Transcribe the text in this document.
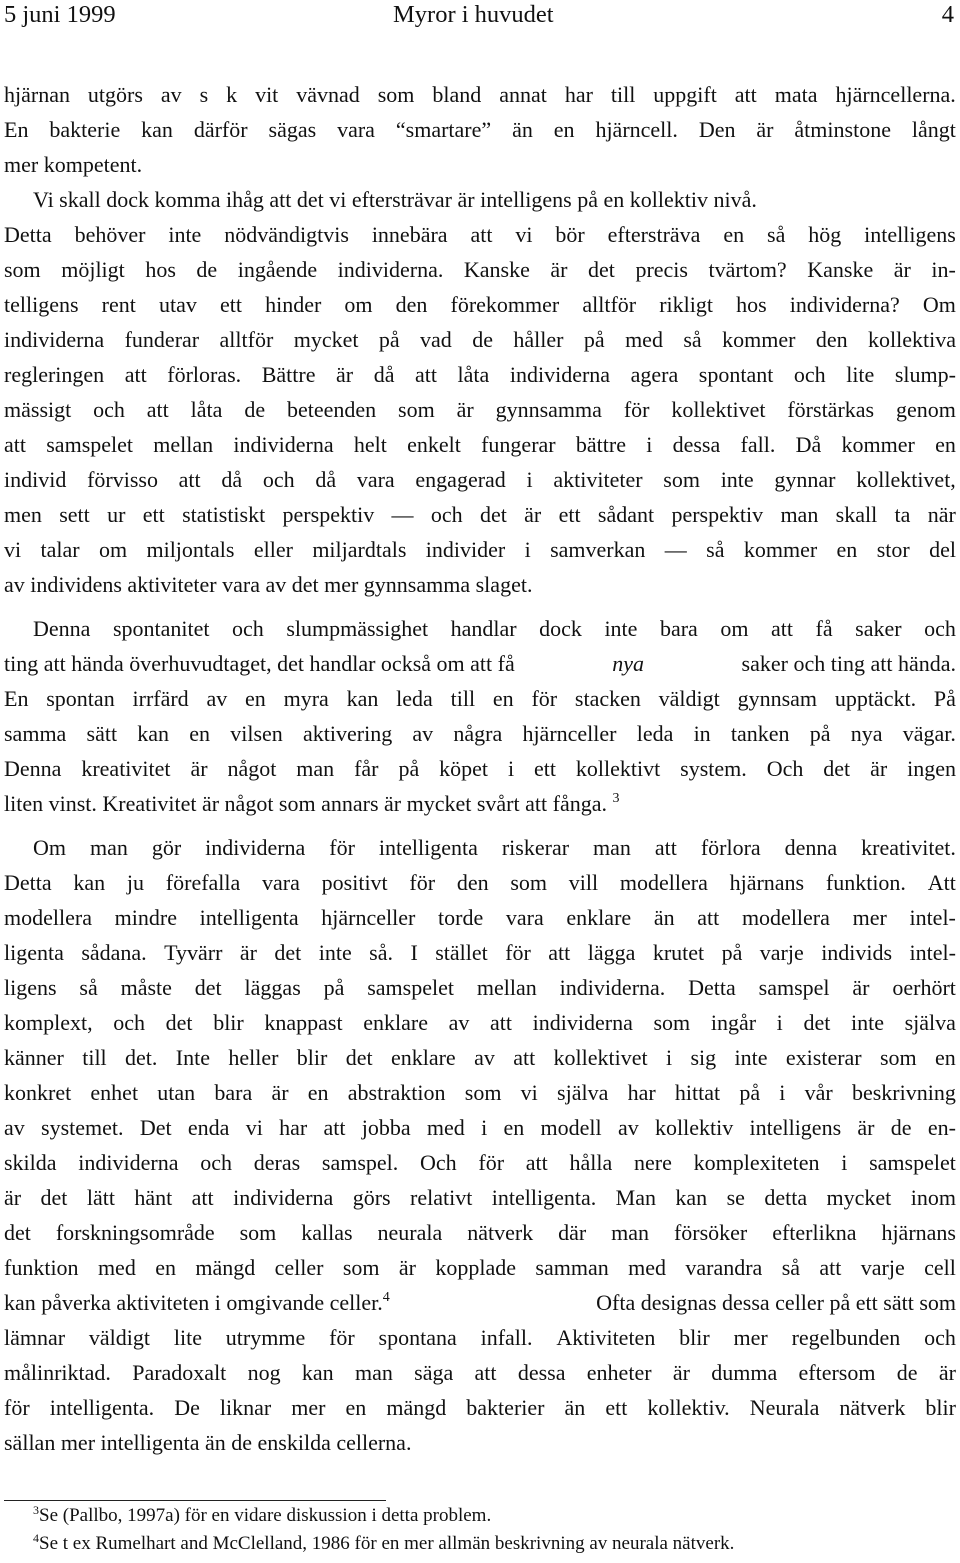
5 juni 1999	Myror i huvudet	4
hjärnan utgörs av s k vit vävnad som bland annat har till uppgift att mata hjärncellerna.
En bakterie kan därför sägas vara “smartare” än en hjärncell. Den är åtminstone långt
mer kompetent.
Vi skall dock komma ihåg att det vi eftersträvar är intelligens på en kollektiv nivå.
Detta behöver inte nödvändigtvis innebära att vi bör eftersträva en så hög intelligens
som möjligt hos de ingående individerna. Kanske är det precis tvärtom? Kanske är in-
telligens rent utav ett hinder om den förekommer alltför rikligt hos individerna? Om
individerna funderar alltför mycket på vad de håller på med så kommer den kollektiva
regleringen att förloras. Bättre är då att låta individerna agera spontant och lite slump-
mässigt och att låta de beteenden som är gynnsamma för kollektivet förstärkas genom
att samspelet mellan individerna helt enkelt fungerar bättre i dessa fall. Då kommer en
individ förvisso att då och då vara engagerad i aktiviteter som inte gynnar kollektivet,
men sett ur ett statistiskt perspektiv — och det är ett sådant perspektiv man skall ta när
vi talar om miljontals eller miljardtals individer i samverkan — så kommer en stor del
av individens aktiviteter vara av det mer gynnsamma slaget.
Denna spontanitet och slumpmässighet handlar dock inte bara om att få saker och
ting att hända överhuvudtaget, det handlar också om att få	nya	saker och ting att hända.
En spontan irrfärd av en myra kan leda till en för stacken väldigt gynnsam upptäckt. På
samma sätt kan en vilsen aktivering av några hjärnceller leda in tanken på nya vägar.
Denna kreativitet är något man får på köpet i ett kollektivt system. Och det är ingen
liten vinst. Kreativitet är något som annars är mycket svårt att fånga. $^3$
Om man gör individerna för intelligenta riskerar man att förlora denna kreativitet.
Detta kan ju förefalla vara positivt för den som vill modellera hjärnans funktion. Att
modellera mindre intelligenta hjärnceller torde vara enklare än att modellera mer intel-
ligenta sådana. Tyvärr är det inte så. I stället för att lägga krutet på varje individs intel-
ligens så måste det läggas på samspelet mellan individerna. Detta samspel är oerhört
komplext, och det blir knappast enklare av att individerna som ingår i det inte själva
känner till det. Inte heller blir det enklare av att kollektivet i sig inte existerar som en
konkret enhet utan bara är en abstraktion som vi själva har hittat på i vår beskrivning
av systemet. Det enda vi har att jobba med i en modell av kollektiv intelligens är de en-
skilda individerna och deras samspel. Och för att hålla nere komplexiteten i samspelet
är det lätt hänt att individerna görs relativt intelligenta. Man kan se detta mycket inom
det forskningsområde som kallas neurala nätverk där man försöker efterlikna hjärnans
funktion med en mängd celler som är kopplade samman med varandra så att varje cell
kan påverka aktiviteten i omgivande celler.$^4$	Ofta designas dessa celler på ett sätt som
lämnar väldigt lite utrymme för spontana infall. Aktiviteten blir mer regelbunden och
målinriktad. Paradoxalt nog kan man säga att dessa enheter är dumma eftersom de är
för intelligenta. De liknar mer en mängd bakterier än ett kollektiv. Neurala nätverk blir
sällan mer intelligenta än de enskilda cellerna.
$^3$Se (Pallbo, 1997a) för en vidare diskussion i detta problem.
$^4$Se t ex Rumelhart and McClelland, 1986 för en mer allmän beskrivning av neurala nätverk.
